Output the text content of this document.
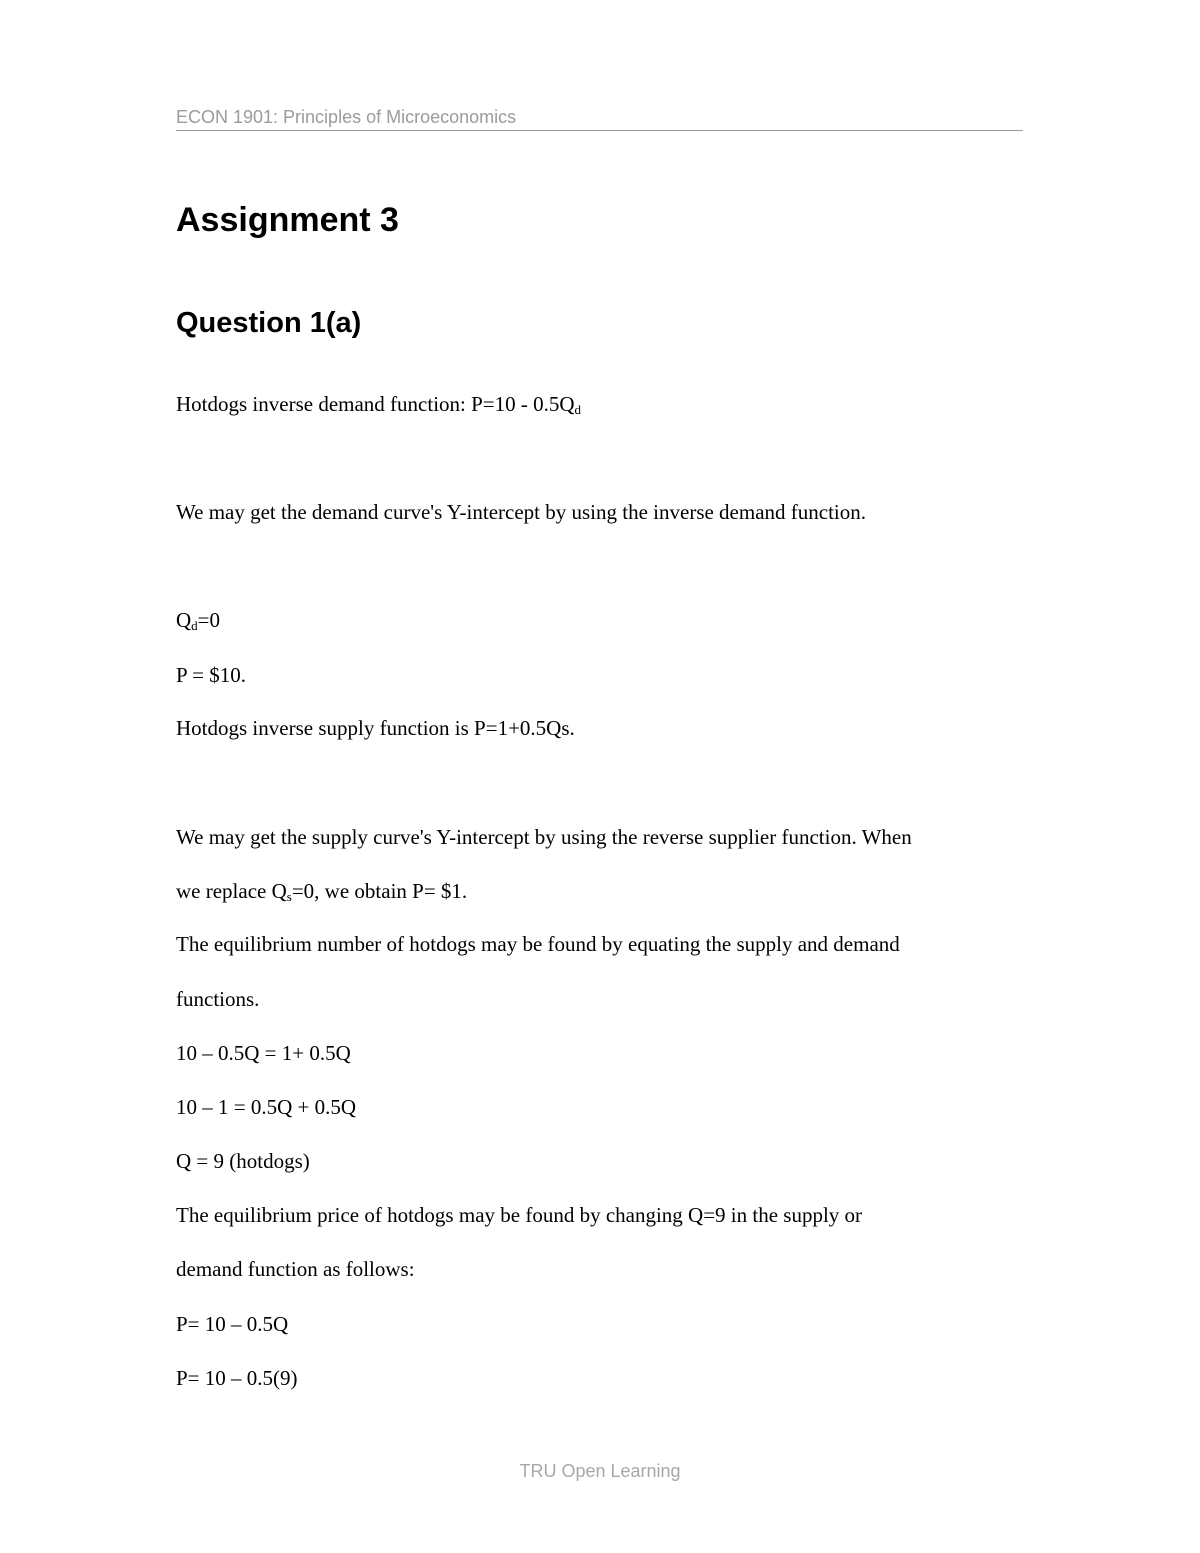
ECON 1901: Principles of Microeconomics
Assignment 3
Question 1(a)

Hotdogs inverse demand function: $P=10 - 0.5Q_d$

We may get the demand curve's Y-intercept by using the inverse demand function.

$Q_d=0$

P = $10.

Hotdogs inverse supply function is P=1+0.5Qs.

We may get the supply curve's Y-intercept by using the reverse supplier function. When

we replace $Q_s=0$, we obtain P= $1.

The equilibrium number of hotdogs may be found by equating the supply and demand

functions.

10 – 0.5Q = 1+ 0.5Q

10 – 1 = 0.5Q + 0.5Q

Q = 9 (hotdogs)

The equilibrium price of hotdogs may be found by changing Q=9 in the supply or

demand function as follows:

P= 10 – 0.5Q

P= 10 – 0.5(9)

TRU Open Learning
